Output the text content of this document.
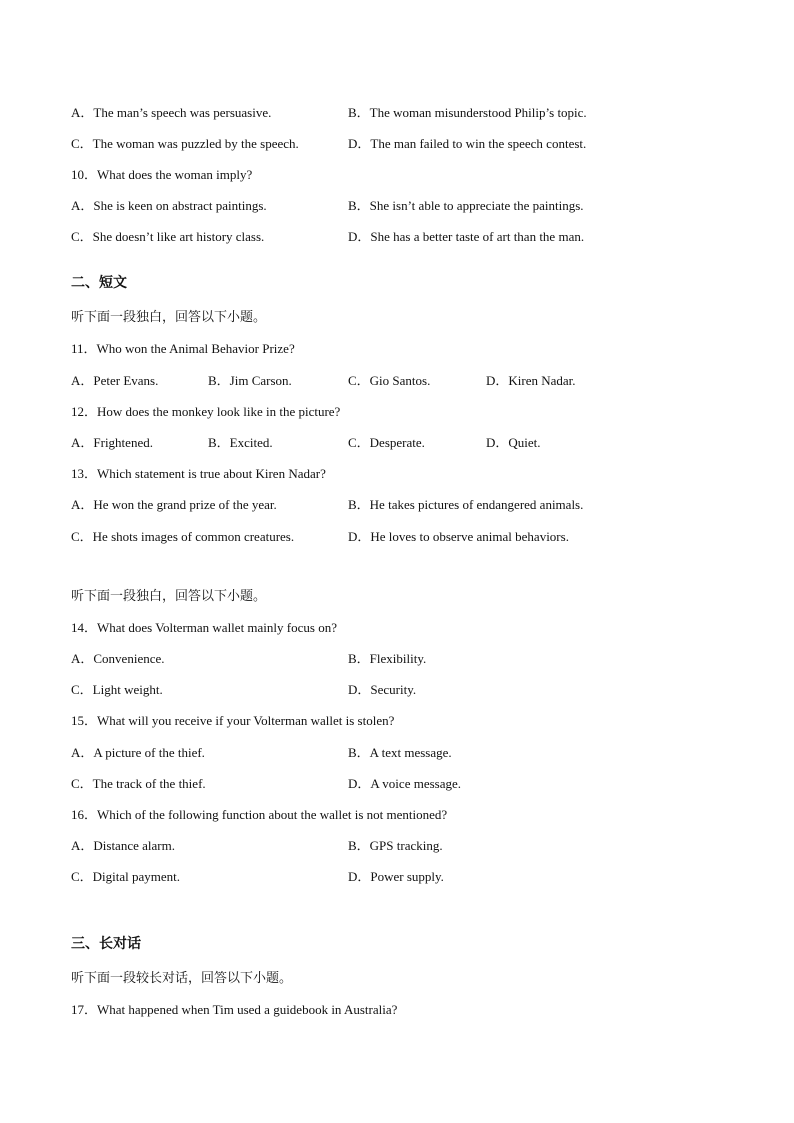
A．The man’s speech was persuasive.	B．The woman misunderstood Philip’s topic.
C．The woman was puzzled by the speech.	D．The man failed to win the speech contest.
10．What does the woman imply?
A．She is keen on abstract paintings.	B．She isn’t able to appreciate the paintings.
C．She doesn’t like art history class.	D．She has a better taste of art than the man.
二、短文
听下面一段独白，回答以下小题。
11．Who won the Animal Behavior Prize?
A．Peter Evans.	B．Jim Carson.	C．Gio Santos.	D．Kiren Nadar.
12．How does the monkey look like in the picture?
A．Frightened.	B．Excited.	C．Desperate.	D．Quiet.
13．Which statement is true about Kiren Nadar?
A．He won the grand prize of the year.	B．He takes pictures of endangered animals.
C．He shots images of common creatures.	D．He loves to observe animal behaviors.
听下面一段独白，回答以下小题。
14．What does Volterman wallet mainly focus on?
A．Convenience.	B．Flexibility.
C．Light weight.	D．Security.
15．What will you receive if your Volterman wallet is stolen?
A．A picture of the thief.	B．A text message.
C．The track of the thief.	D．A voice message.
16．Which of the following function about the wallet is not mentioned?
A．Distance alarm.	B．GPS tracking.
C．Digital payment.	D．Power supply.
三、长对话
听下面一段较长对话，回答以下小题。
17．What happened when Tim used a guidebook in Australia?
